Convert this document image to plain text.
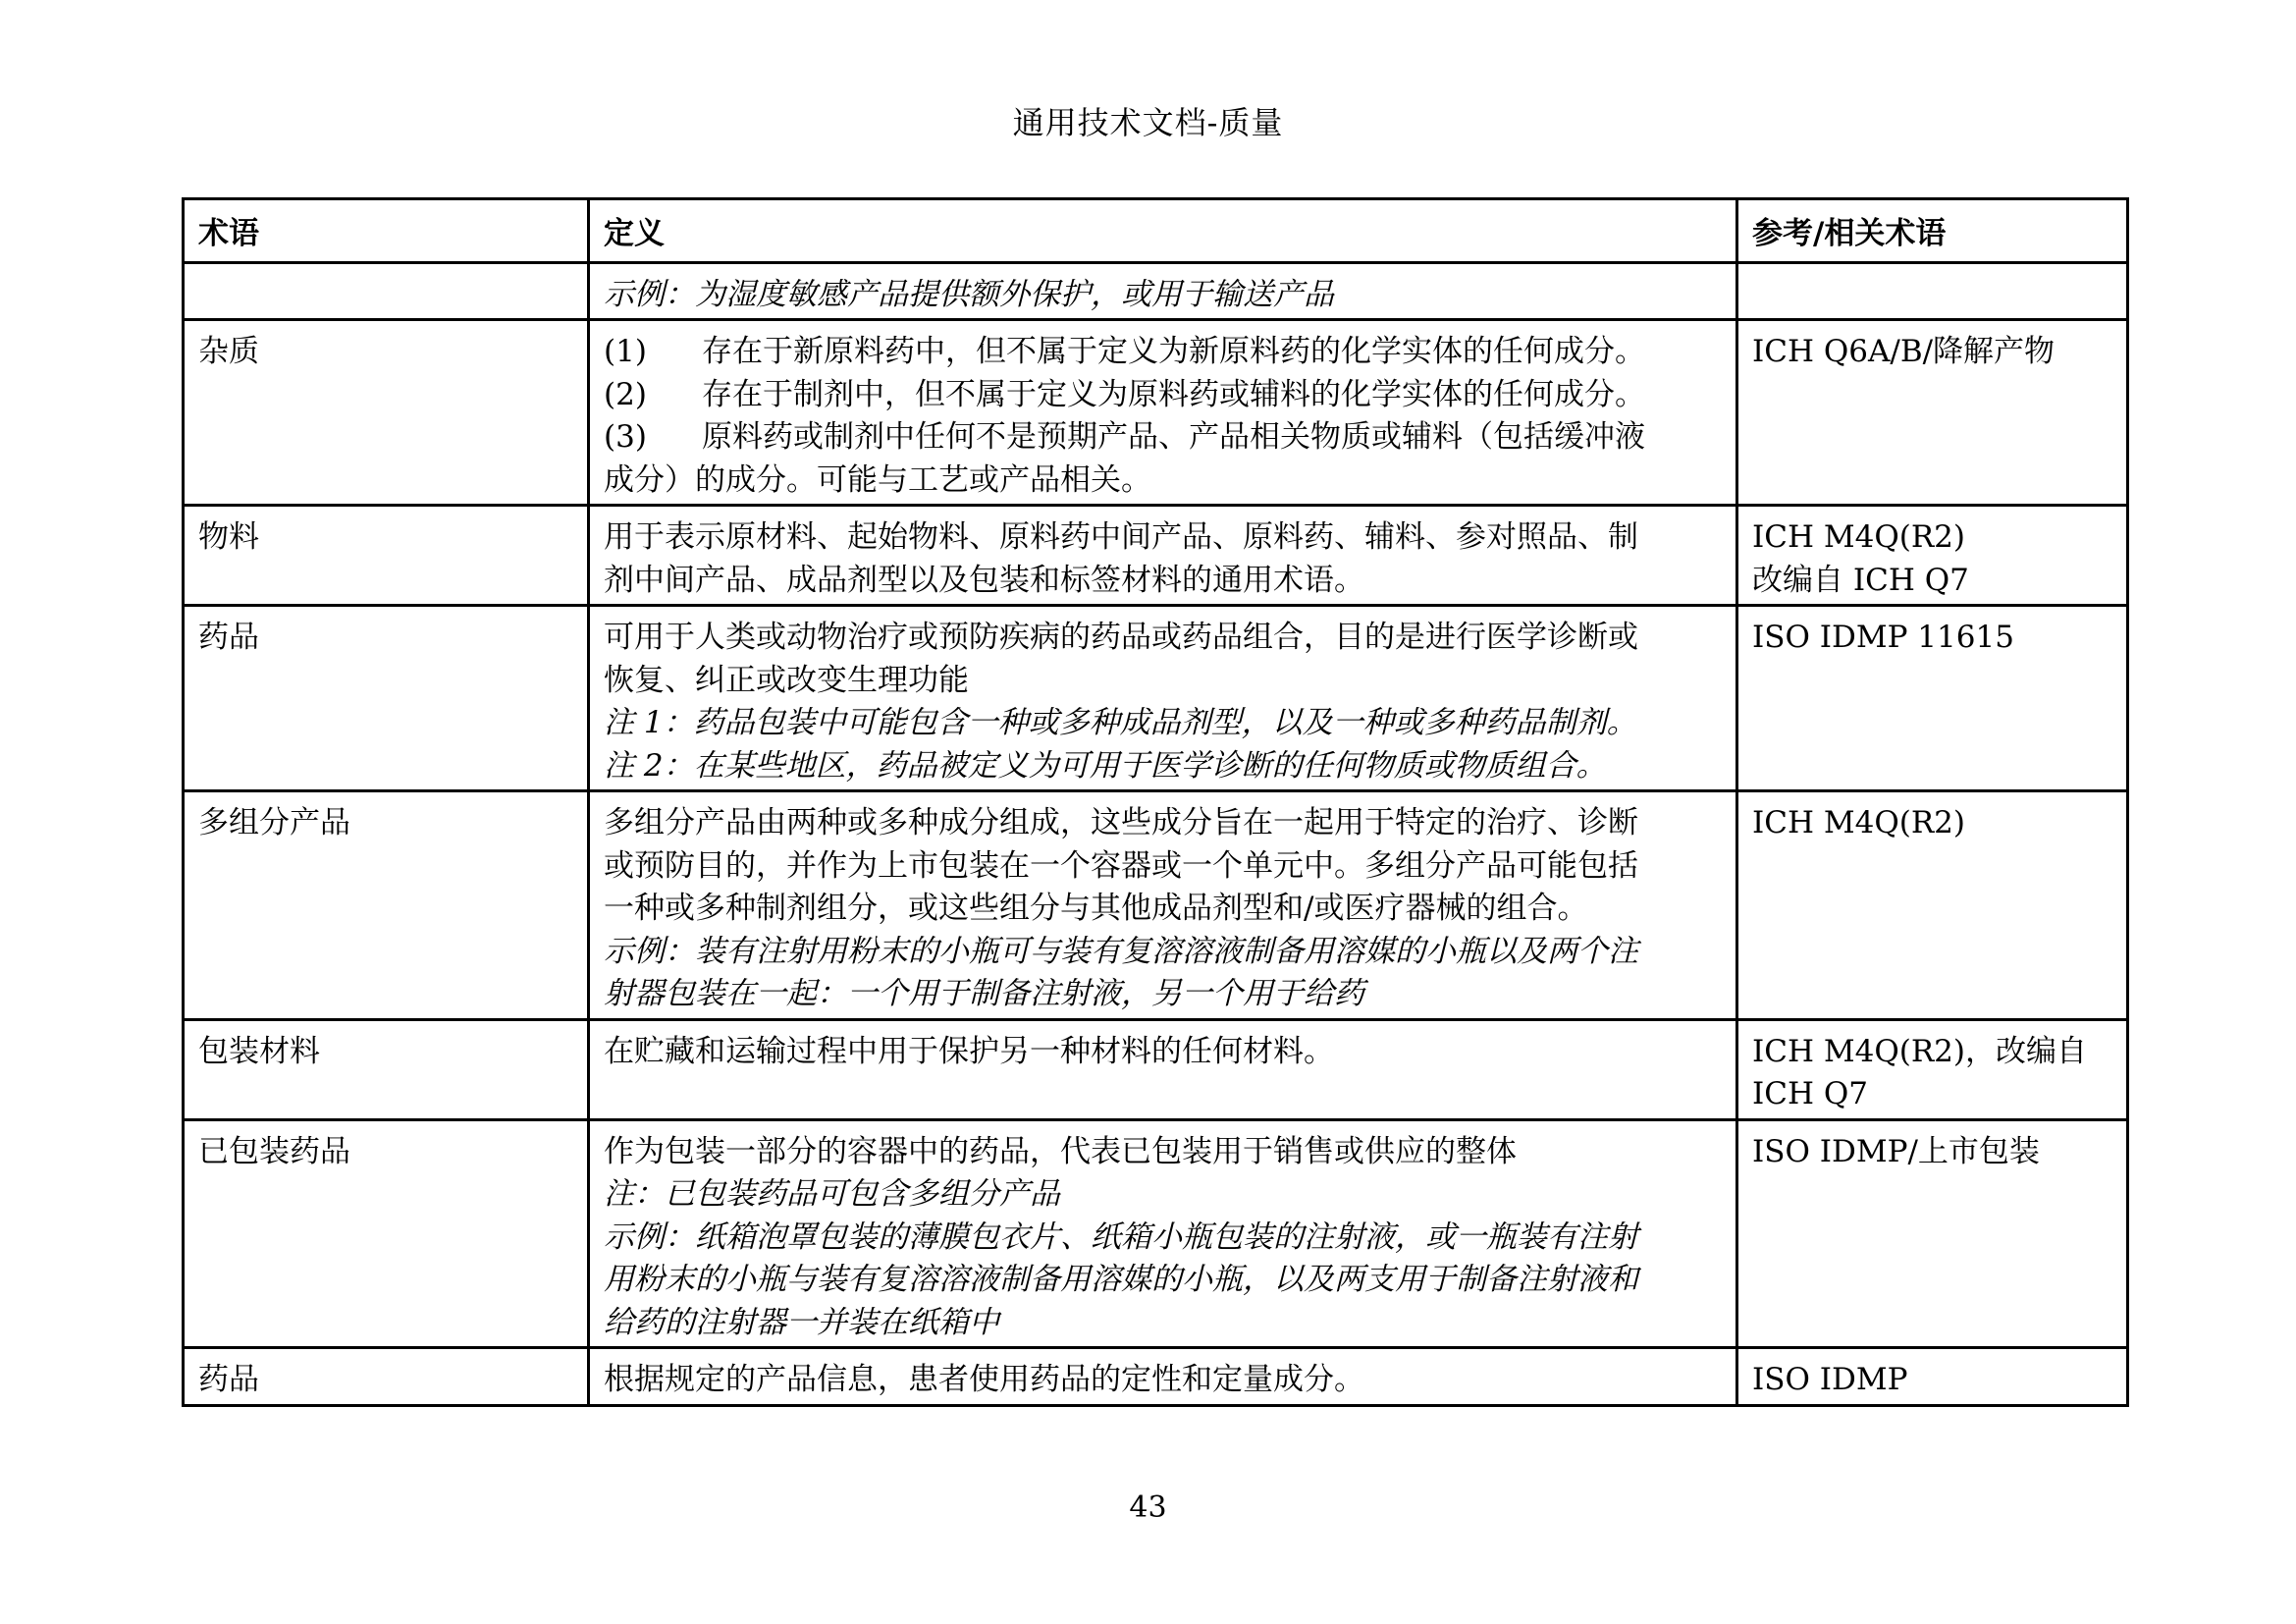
通用技术文档-质量
术语	定义	参考/相关术语

	示例：为湿度敏感产品提供额外保护，或用于输送产品	

杂质	(1) 存在于新原料药中，但不属于定义为新原料药的化学实体的任何成分。
(2) 存在于制剂中，但不属于定义为原料药或辅料的化学实体的任何成分。
(3) 原料药或制剂中任何不是预期产品、产品相关物质或辅料（包括缓冲液
成分）的成分。可能与工艺或产品相关。	ICH Q6A/B/降解产物

物料	用于表示原材料、起始物料、原料药中间产品、原料药、辅料、参对照品、制
剂中间产品、成品剂型以及包装和标签材料的通用术语。	ICH M4Q(R2)
改编自 ICH Q7

药品	可用于人类或动物治疗或预防疾病的药品或药品组合，目的是进行医学诊断或
恢复、纠正或改变生理功能
注 1：药品包装中可能包含一种或多种成品剂型，以及一种或多种药品制剂。
注 2：在某些地区，药品被定义为可用于医学诊断的任何物质或物质组合。	ISO IDMP 11615

多组分产品	多组分产品由两种或多种成分组成，这些成分旨在一起用于特定的治疗、诊断
或预防目的，并作为上市包装在一个容器或一个单元中。多组分产品可能包括
一种或多种制剂组分，或这些组分与其他成品剂型和/或医疗器械的组合。
示例：装有注射用粉末的小瓶可与装有复溶溶液制备用溶媒的小瓶以及两个注
射器包装在一起：一个用于制备注射液，另一个用于给药	ICH M4Q(R2)

包装材料	在贮藏和运输过程中用于保护另一种材料的任何材料。	ICH M4Q(R2)，改编自
ICH Q7

已包装药品	作为包装一部分的容器中的药品，代表已包装用于销售或供应的整体
注：已包装药品可包含多组分产品
示例：纸箱泡罩包装的薄膜包衣片、纸箱小瓶包装的注射液，或一瓶装有注射
用粉末的小瓶与装有复溶溶液制备用溶媒的小瓶，以及两支用于制备注射液和
给药的注射器一并装在纸箱中	ISO IDMP/上市包装

药品	根据规定的产品信息，患者使用药品的定性和定量成分。	ISO IDMP
43
